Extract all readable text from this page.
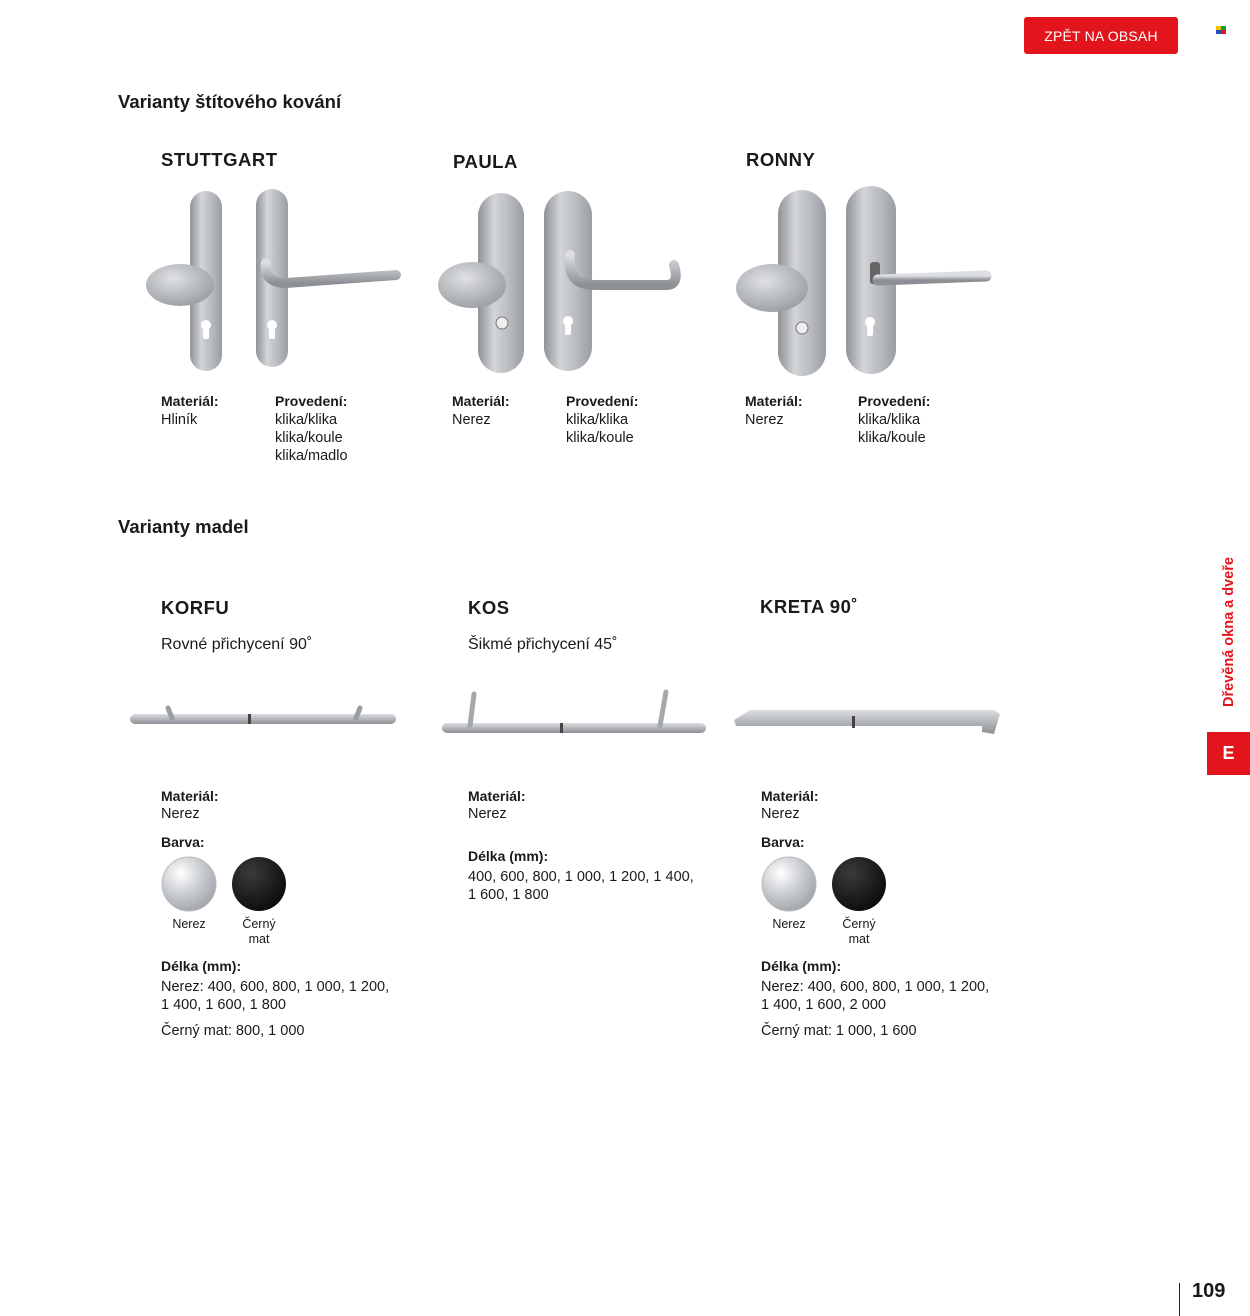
ZPĚT NA OBSAH
Varianty štítového kování
STUTTGART
Materiál:
Hliník
Provedení:
klika/klika
klika/koule
klika/madlo
PAULA
Materiál:
Nerez
Provedení:
klika/klika
klika/koule
RONNY
Materiál:
Nerez
Provedení:
klika/klika
klika/koule
Varianty madel
KORFU
Rovné přichycení 90˚
Materiál:
Nerez
Barva:
Nerez	Černý mat
Délka (mm):
Nerez: 400, 600, 800, 1 000, 1 200,
1 400, 1 600, 1 800
Černý mat: 800, 1 000
KOS
Šikmé přichycení 45˚
Materiál:
Nerez
Délka (mm):
400, 600, 800, 1 000, 1 200, 1 400,
1 600, 1 800
KRETA 90˚
Materiál:
Nerez
Barva:
Nerez	Černý mat
Délka (mm):
Nerez: 400, 600, 800, 1 000, 1 200,
1 400, 1 600, 2 000
Černý mat: 1 000, 1 600
Dřevěná okna a dveře
E
109
